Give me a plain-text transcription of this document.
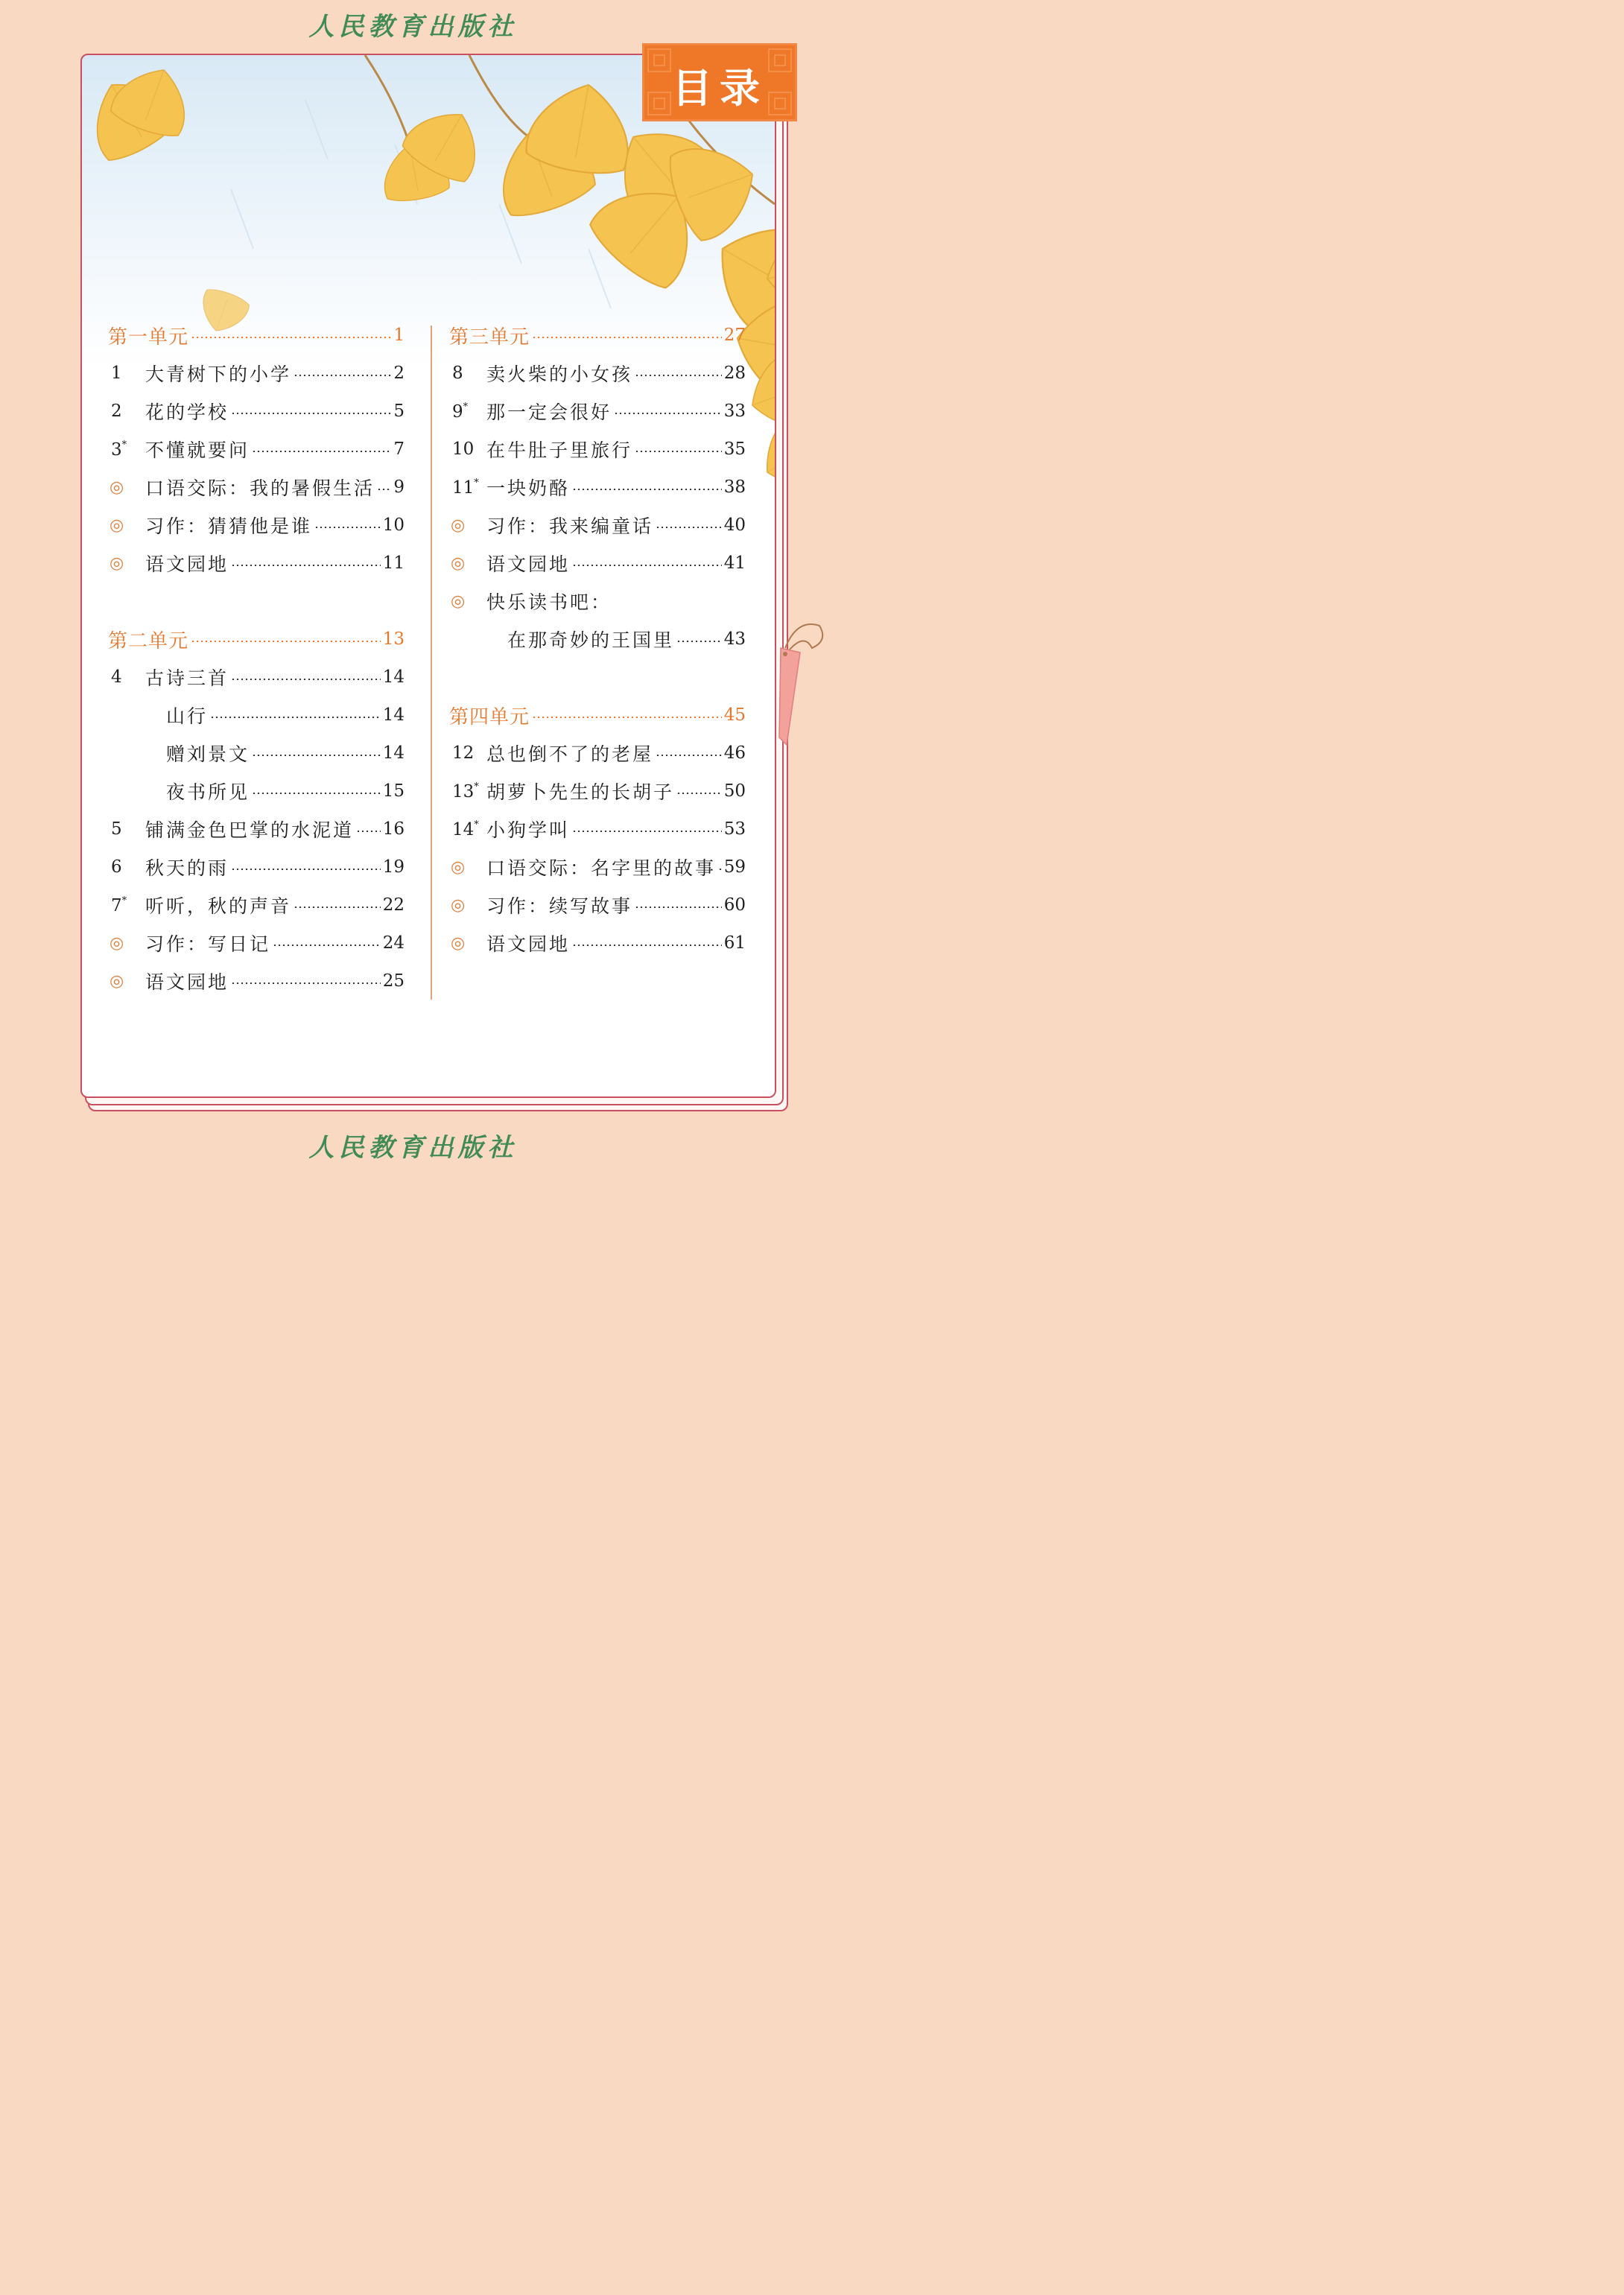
人民教育出版社
目录
第一单元	1
1	大青树下的小学	2
2	花的学校	5
3* 不懂就要问	7
◎	口语交际：我的暑假生活 9
◎	习作：猜猜他是谁	10
◎	语文园地	11
第二单元	13
4	古诗三首	14
山行	14
赠刘景文	14
夜书所见	15
5	铺满金色巴掌的水泥道 16
6	秋天的雨	19
7* 听听，秋的声音	22
◎	习作：写日记	24
◎	语文园地	25
第三单元	27
8	卖火柴的小女孩	28
9* 那一定会很好	33
10 在牛肚子里旅行	35
11* 一块奶酪	38
◎	习作：我来编童话	40
◎	语文园地	41
◎	快乐读书吧：
在那奇妙的王国里	43
第四单元	45
12 总也倒不了的老屋	46
13* 胡萝卜先生的长胡子	50
14* 小狗学叫	53
◎	口语交际：名字里的故事 59
◎	习作：续写故事	60
◎	语文园地	61
人民教育出版社
